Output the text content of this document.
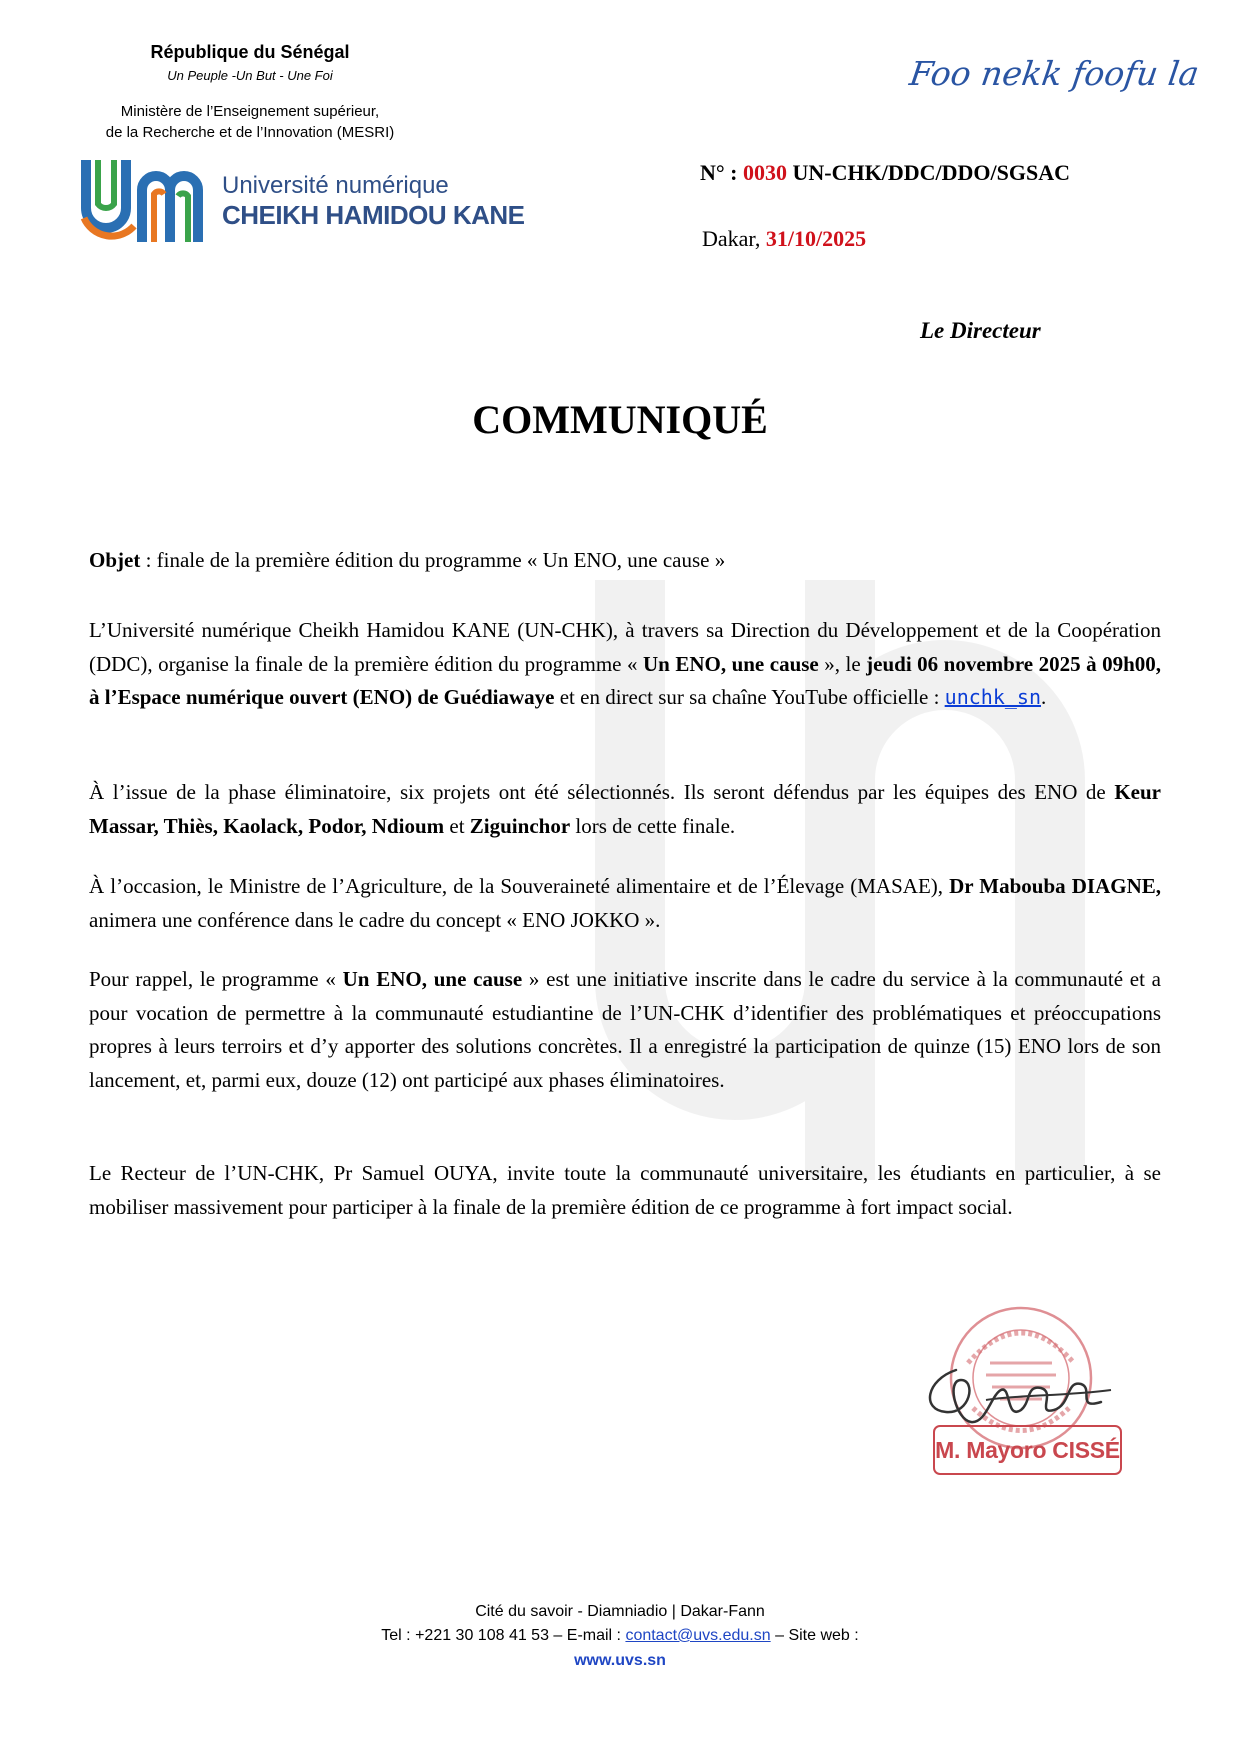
République du Sénégal
Un Peuple -Un But - Une Foi
Ministère de l’Enseignement supérieur,
de la Recherche et de l’Innovation (MESRI)
Université numérique
CHEIKH HAMIDOU KANE
Foo nekk foofu la
N° : 0030 UN-CHK/DDC/DDO/SGSAC
Dakar, 31/10/2025
Le Directeur
COMMUNIQUÉ
Objet : finale de la première édition du programme « Un ENO, une cause »
L’Université numérique Cheikh Hamidou KANE (UN-CHK), à travers sa Direction du Développement et de la Coopération (DDC), organise la finale de la première édition du programme « Un ENO, une cause », le jeudi 06 novembre 2025 à 09h00, à l’Espace numérique ouvert (ENO) de Guédiawaye et en direct sur sa chaîne YouTube officielle : unchk_sn.
À l’issue de la phase éliminatoire, six projets ont été sélectionnés. Ils seront défendus par les équipes des ENO de Keur Massar, Thiès, Kaolack, Podor, Ndioum et Ziguinchor lors de cette finale.
À l’occasion, le Ministre de l’Agriculture, de la Souveraineté alimentaire et de l’Élevage (MASAE), Dr Mabouba DIAGNE, animera une conférence dans le cadre du concept « ENO JOKKO ».
Pour rappel, le programme « Un ENO, une cause » est une initiative inscrite dans le cadre du service à la communauté et a pour vocation de permettre à la communauté estudiantine de l’UN-CHK d’identifier des problématiques et préoccupations propres à leurs terroirs et d’y apporter des solutions concrètes. Il a enregistré la participation de quinze (15) ENO lors de son lancement, et, parmi eux, douze (12) ont participé aux phases éliminatoires.
Le Recteur de l’UN-CHK, Pr Samuel OUYA, invite toute la communauté universitaire, les étudiants en particulier, à se mobiliser massivement pour participer à la finale de la première édition de ce programme à fort impact social.
M. Mayoro CISSÉ
Cité du savoir - Diamniadio | Dakar-Fann
Tel : +221 30 108 41 53 – E-mail : contact@uvs.edu.sn – Site web :
www.uvs.sn
